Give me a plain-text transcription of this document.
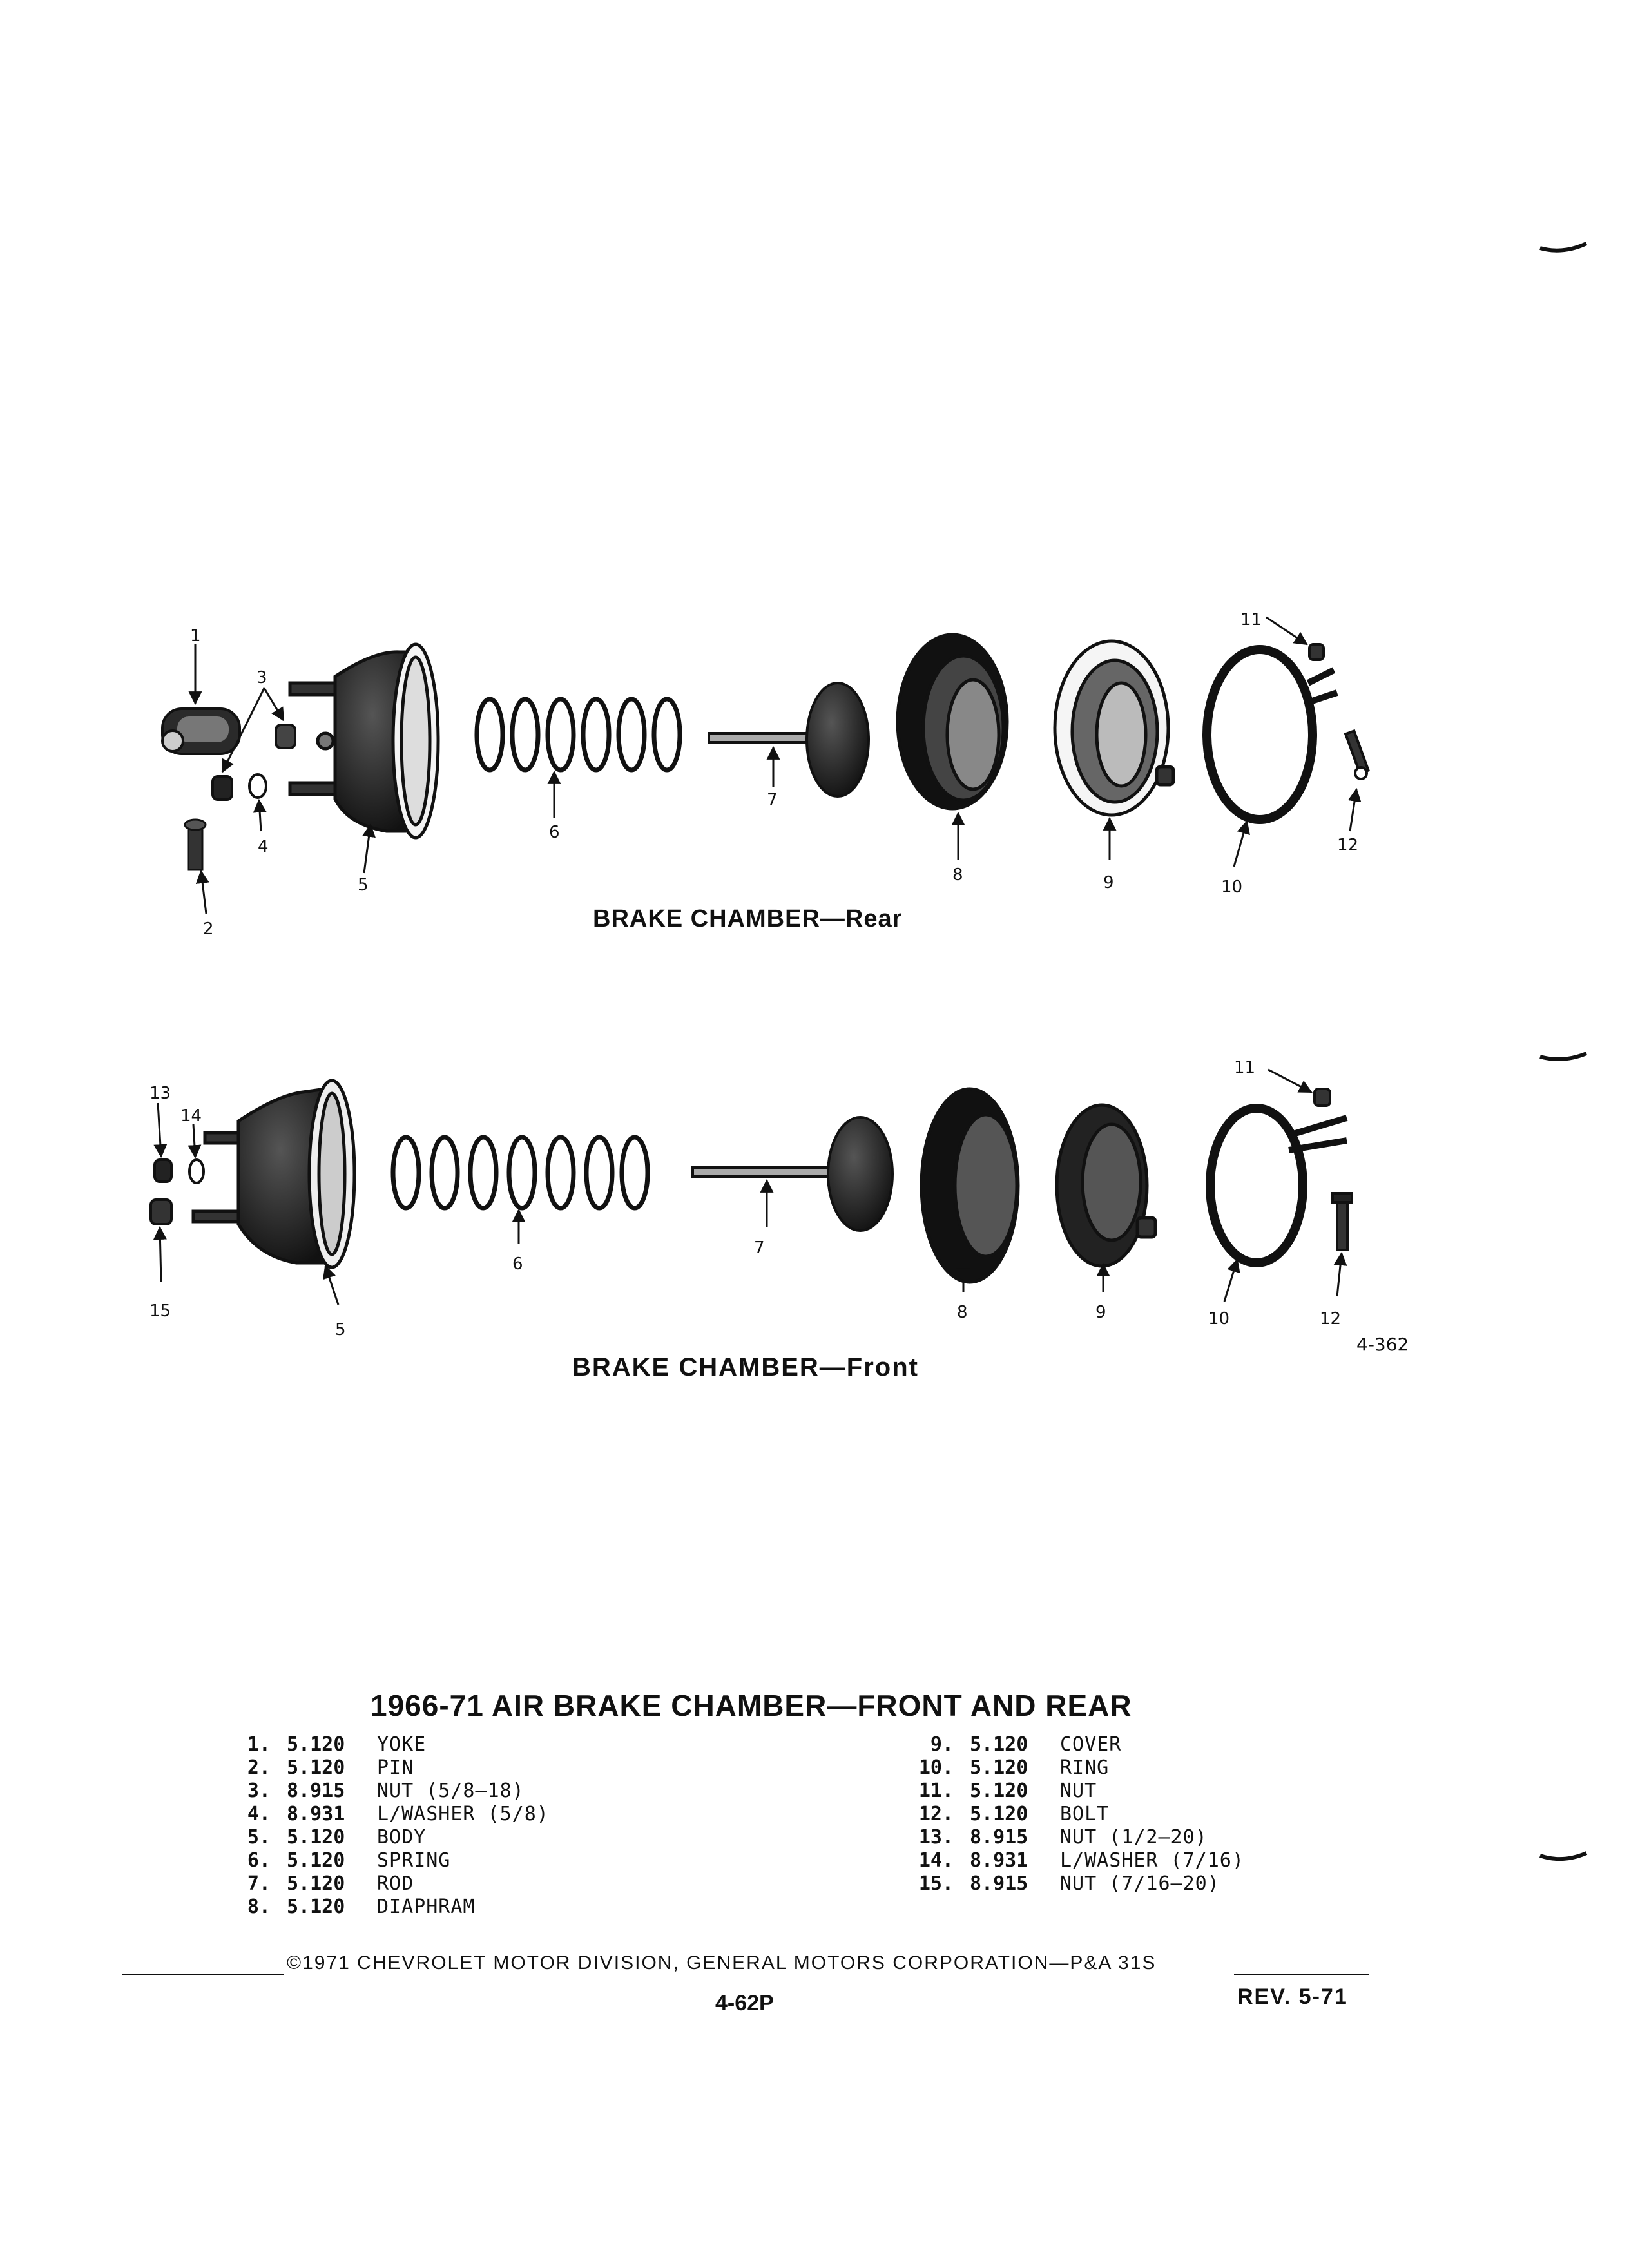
1
2
3
4
5
6
7
8	9	10
11
12
11
13
14
15
5
6
7
8	9	10	12
BRAKE CHAMBER—Rear
4-362
BRAKE CHAMBER—Front
1966-71 AIR BRAKE CHAMBER—FRONT AND REAR
1. 5.120	YOKE
2. 5.120	PIN
3. 8.915	NUT (5/8–18)
4. 8.931	L/WASHER (5/8)
5. 5.120	BODY
6. 5.120	SPRING
7. 5.120	ROD
8. 5.120	DIAPHRAM
9. 5.120	COVER
10. 5.120	RING
11. 5.120	NUT
12. 5.120	BOLT
13. 8.915	NUT (1/2–20)
14. 8.931	L/WASHER (7/16)
15. 8.915	NUT (7/16–20)
©1971 CHEVROLET MOTOR DIVISION, GENERAL MOTORS CORPORATION—P&A 31S
4-62P	REV. 5-71
